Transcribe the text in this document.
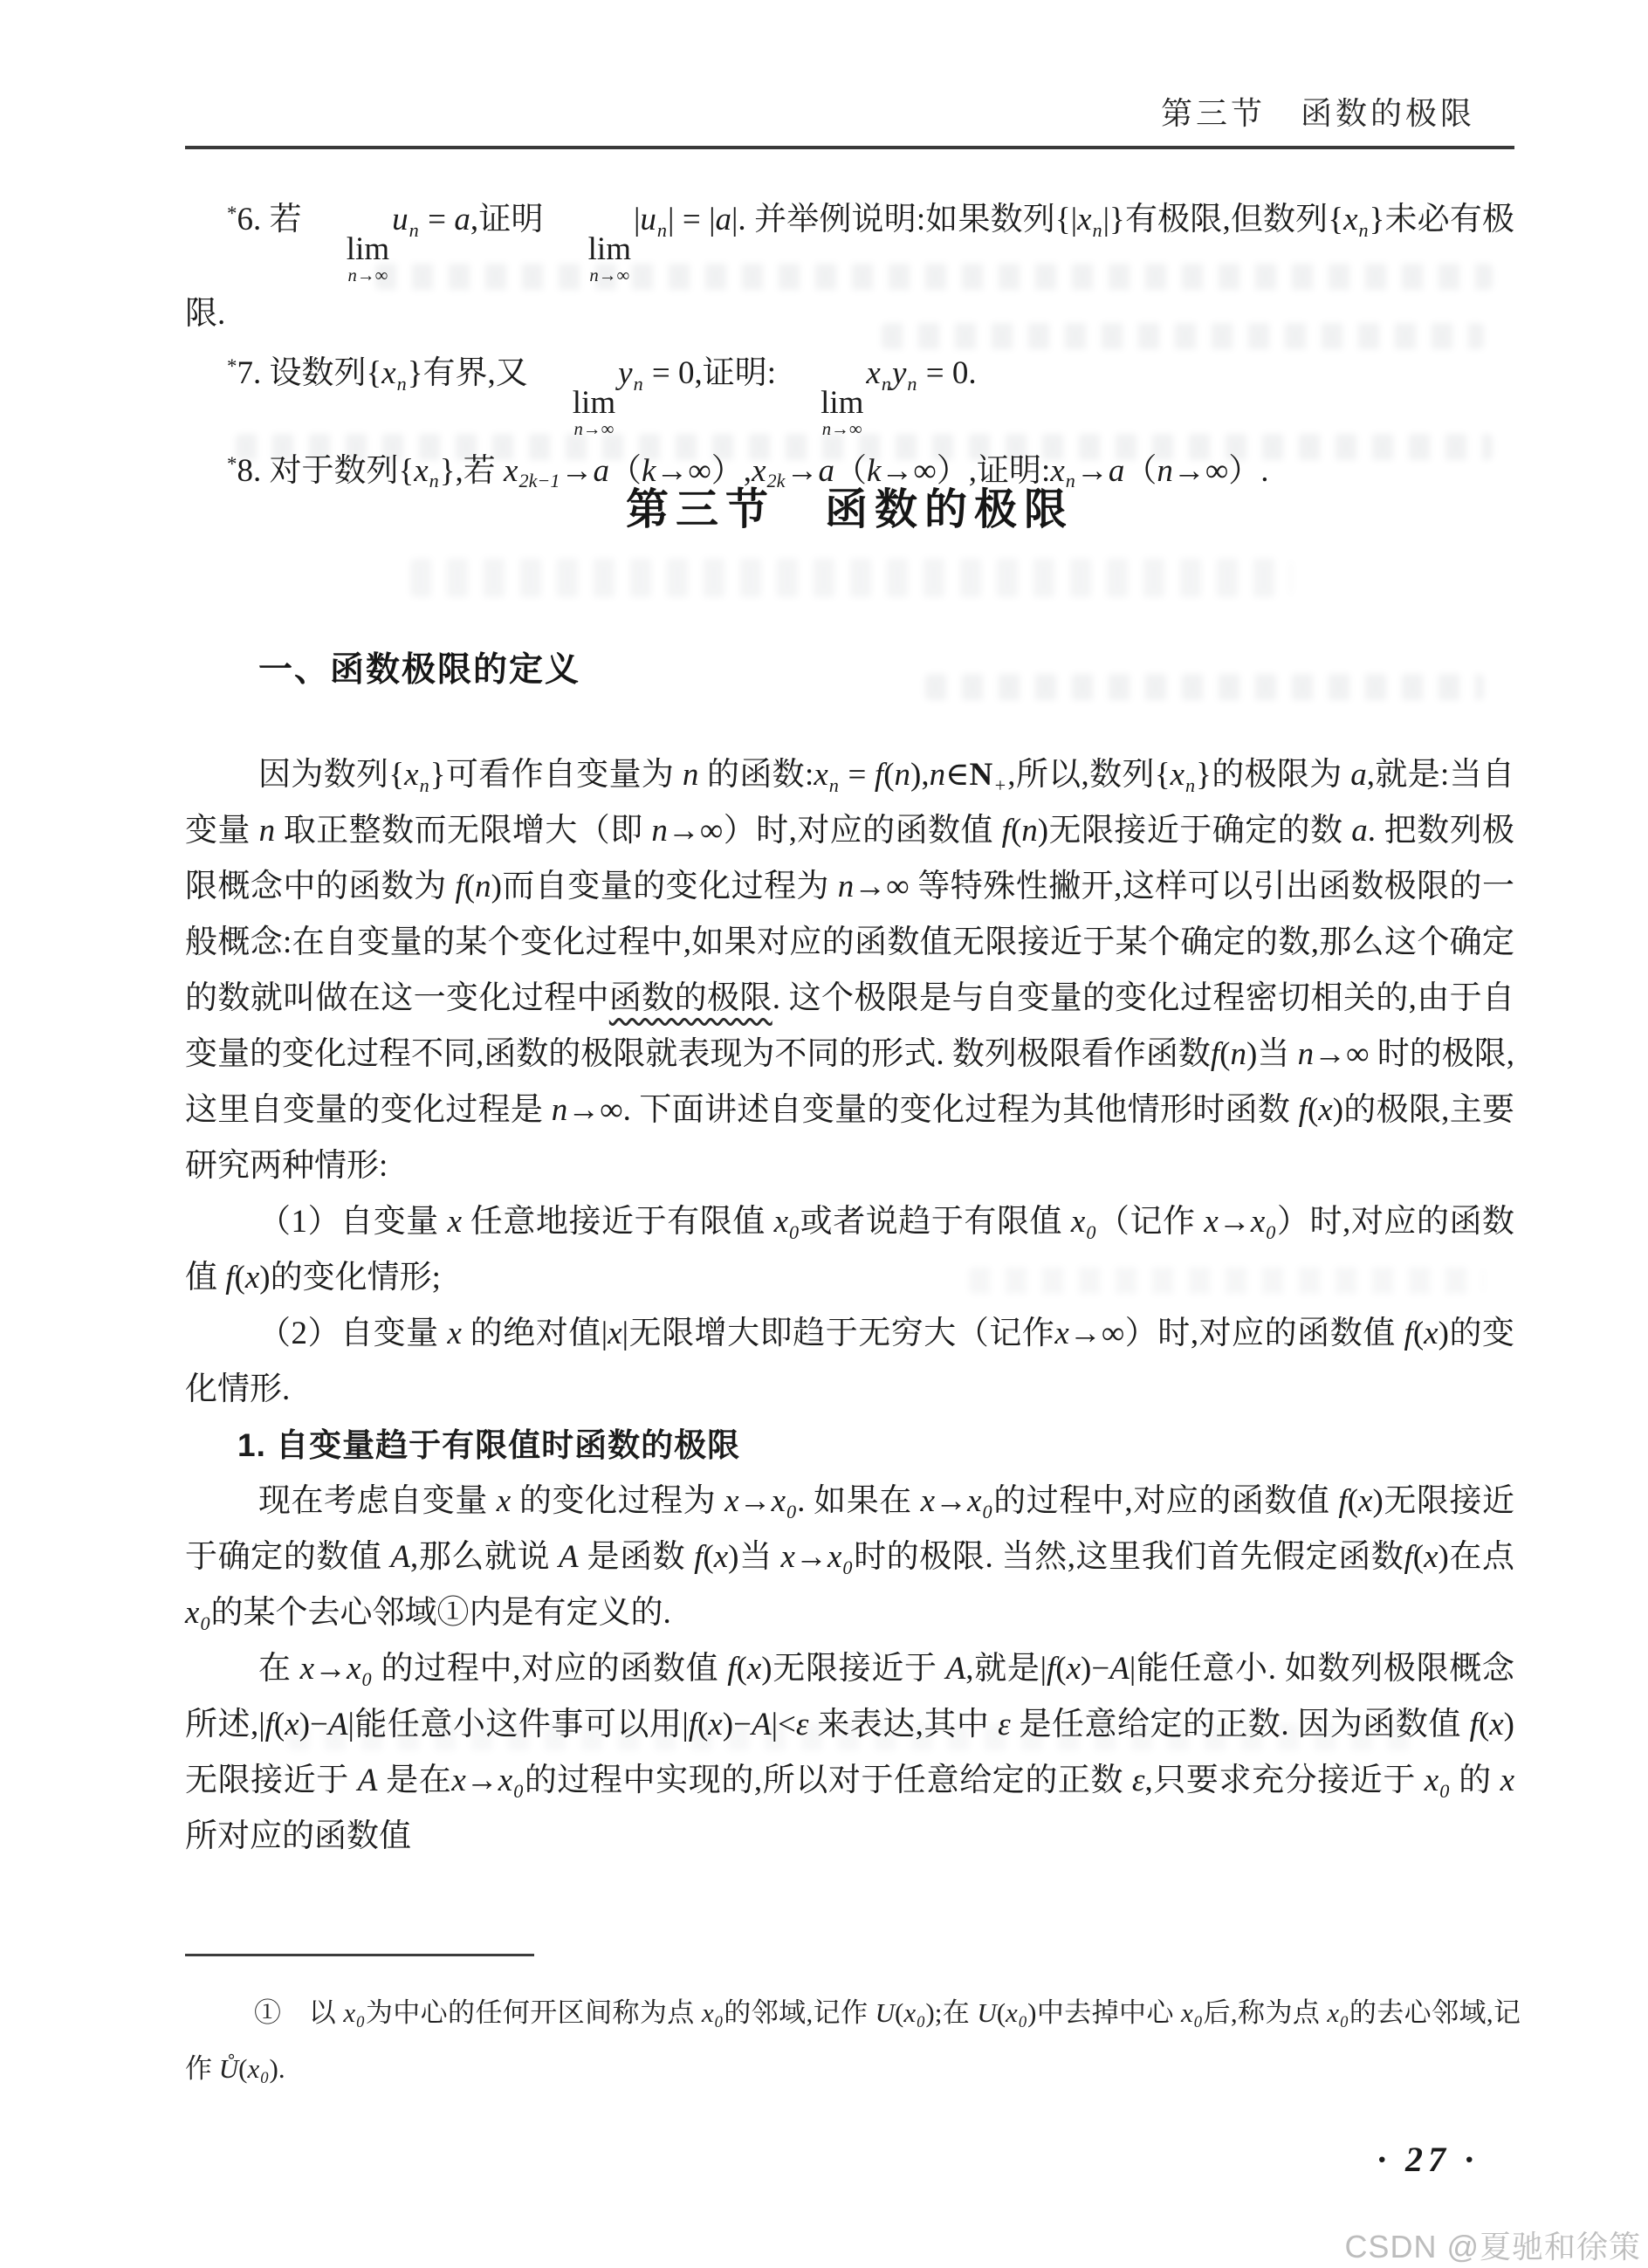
第三节　函数的极限

*6. 若
lim
n→∞
$u_n = a$,证明
lim
n→∞
$|u_n| = |a|$. 并举例说明:如果数列$\{|x_n|\}$有极限,但数列$\{x_n\}$未必有极限.

*7. 设数列$\{x_n\}$有界,又
lim
n→∞
$y_n = 0$,证明:
lim
n→∞
$x_ny_n = 0$.

*8. 对于数列$\{x_n\}$,若 $x_{2k-1}\to a(k\to\infty),x_{2k}\to a(k\to\infty)$,证明$:x_n\to a(n\to\infty)$.

第三节　函数的极限
一、函数极限的定义

因为数列$\{x_n\}$可看作自变量为 n 的函数$:x_n$ = $f(n),n\in N_+$,所以,数列$\{x_n\}$的极限为 a,就是:当自变量 n 取正整数而无限增大（即 n→∞）时,对应的函数值 f(n)无限接近于确定的数 a. 把数列极限概念中的函数为 f(n)而自变量的变化过程为 n→∞ 等特殊性撇开,这样可以引出函数极限的一般概念:在自变量的某个变化过程中,如果对应的函数值无限接近于某个确定的数,那么这个确定的数就叫做在这一变化过程中函数的极限. 这个极限是与自变量的变化过程密切相关的,由于自变量的变化过程不同,函数的极限就表现为不同的形式. 数列极限看作函数f(n)当 n→∞ 时的极限,这里自变量的变化过程是 n→∞. 下面讲述自变量的变化过程为其他情形时函数 f(x)的极限,主要研究两种情形:

（1）自变量 x 任意地接近于有限值 $x_0$或者说趋于有限值 $x_0$（记作 $x\to x_0$）时,对应的函数值 f(x)的变化情形;

（2）自变量 x 的绝对值|x|无限增大即趋于无穷大（记作x→∞）时,对应的函数值 f(x)的变化情形.

1. 自变量趋于有限值时函数的极限

现在考虑自变量 x 的变化过程为 $x\to x_0$. 如果在 $x\to x_0$的过程中,对应的函数值 f(x)无限接近于确定的数值 A,那么就说 A 是函数 f(x)当 $x\to x_0$时的极限. 当然,这里我们首先假定函数f(x)在点 $x_0$的某个去心邻域①内是有定义的.

在 $x\to x_0$ 的过程中,对应的函数值 f(x)无限接近于 A,就是|f(x)−A|能任意小. 如数列极限概念所述,|f(x)−A|能任意小这件事可以用|f(x)−A|<ε 来表达,其中 ε 是任意给定的正数. 因为函数值 f(x)无限接近于 A 是在$x\to x_0$的过程中实现的,所以对于任意给定的正数 ε,只要求充分接近于 $x_0$ 的 x 所对应的函数值

①　以 $x_0$为中心的任何开区间称为点 $x_0$的邻域,记作 $U(x_0)$;在 $U(x_0)$中去掉中心 $x_0$后,称为点 $x_0$的去心邻域,记作 $Ů(x_0)$.

· 27 ·
CSDN @夏驰和徐策
